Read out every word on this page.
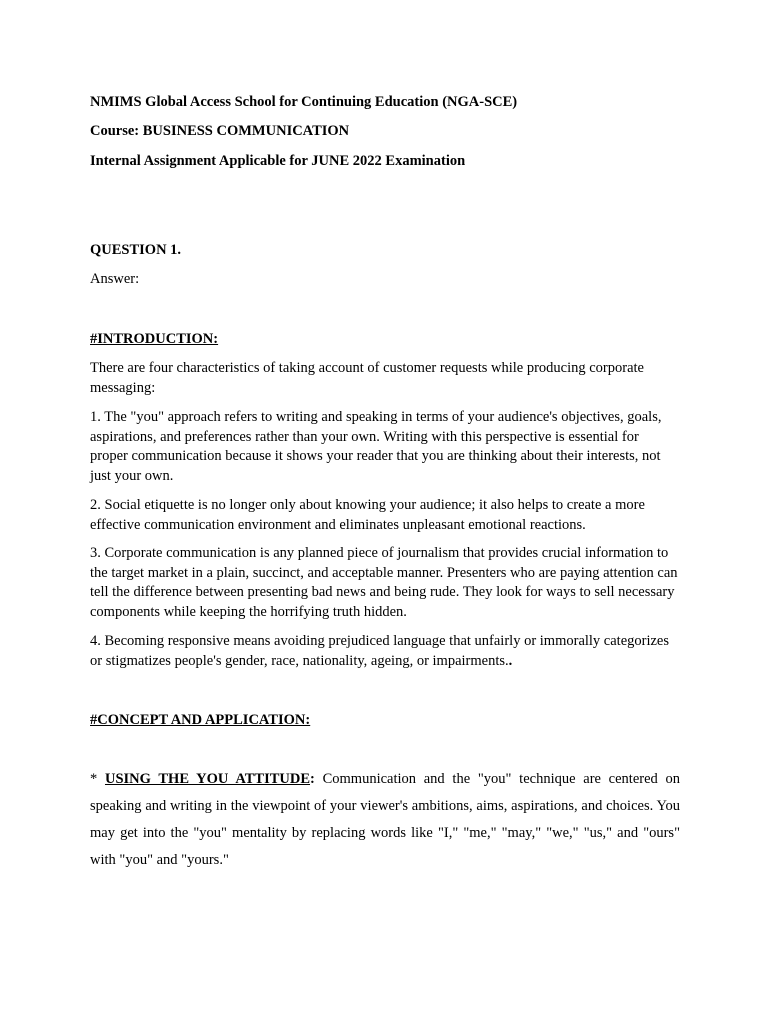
NMIMS Global Access School for Continuing Education (NGA-SCE)

Course: BUSINESS COMMUNICATION

Internal Assignment Applicable for JUNE 2022 Examination

QUESTION 1.

Answer:

#INTRODUCTION:

There are four characteristics of taking account of customer requests while producing corporate messaging:

1. The "you" approach refers to writing and speaking in terms of your audience's objectives, goals, aspirations, and preferences rather than your own. Writing with this perspective is essential for proper communication because it shows your reader that you are thinking about their interests, not just your own.

2. Social etiquette is no longer only about knowing your audience; it also helps to create a more effective communication environment and eliminates unpleasant emotional reactions.

3. Corporate communication is any planned piece of journalism that provides crucial information to the target market in a plain, succinct, and acceptable manner. Presenters who are paying attention can tell the difference between presenting bad news and being rude. They look for ways to sell necessary components while keeping the horrifying truth hidden.

4. Becoming responsive means avoiding prejudiced language that unfairly or immorally categorizes or stigmatizes people's gender, race, nationality, ageing, or impairments..

#CONCEPT AND APPLICATION:

* USING THE YOU ATTITUDE: Communication and the "you" technique are centered on speaking and writing in the viewpoint of your viewer's ambitions, aims, aspirations, and choices. You may get into the "you" mentality by replacing words like "I," "me," "may," "we," "us," and "ours" with "you" and "yours."
